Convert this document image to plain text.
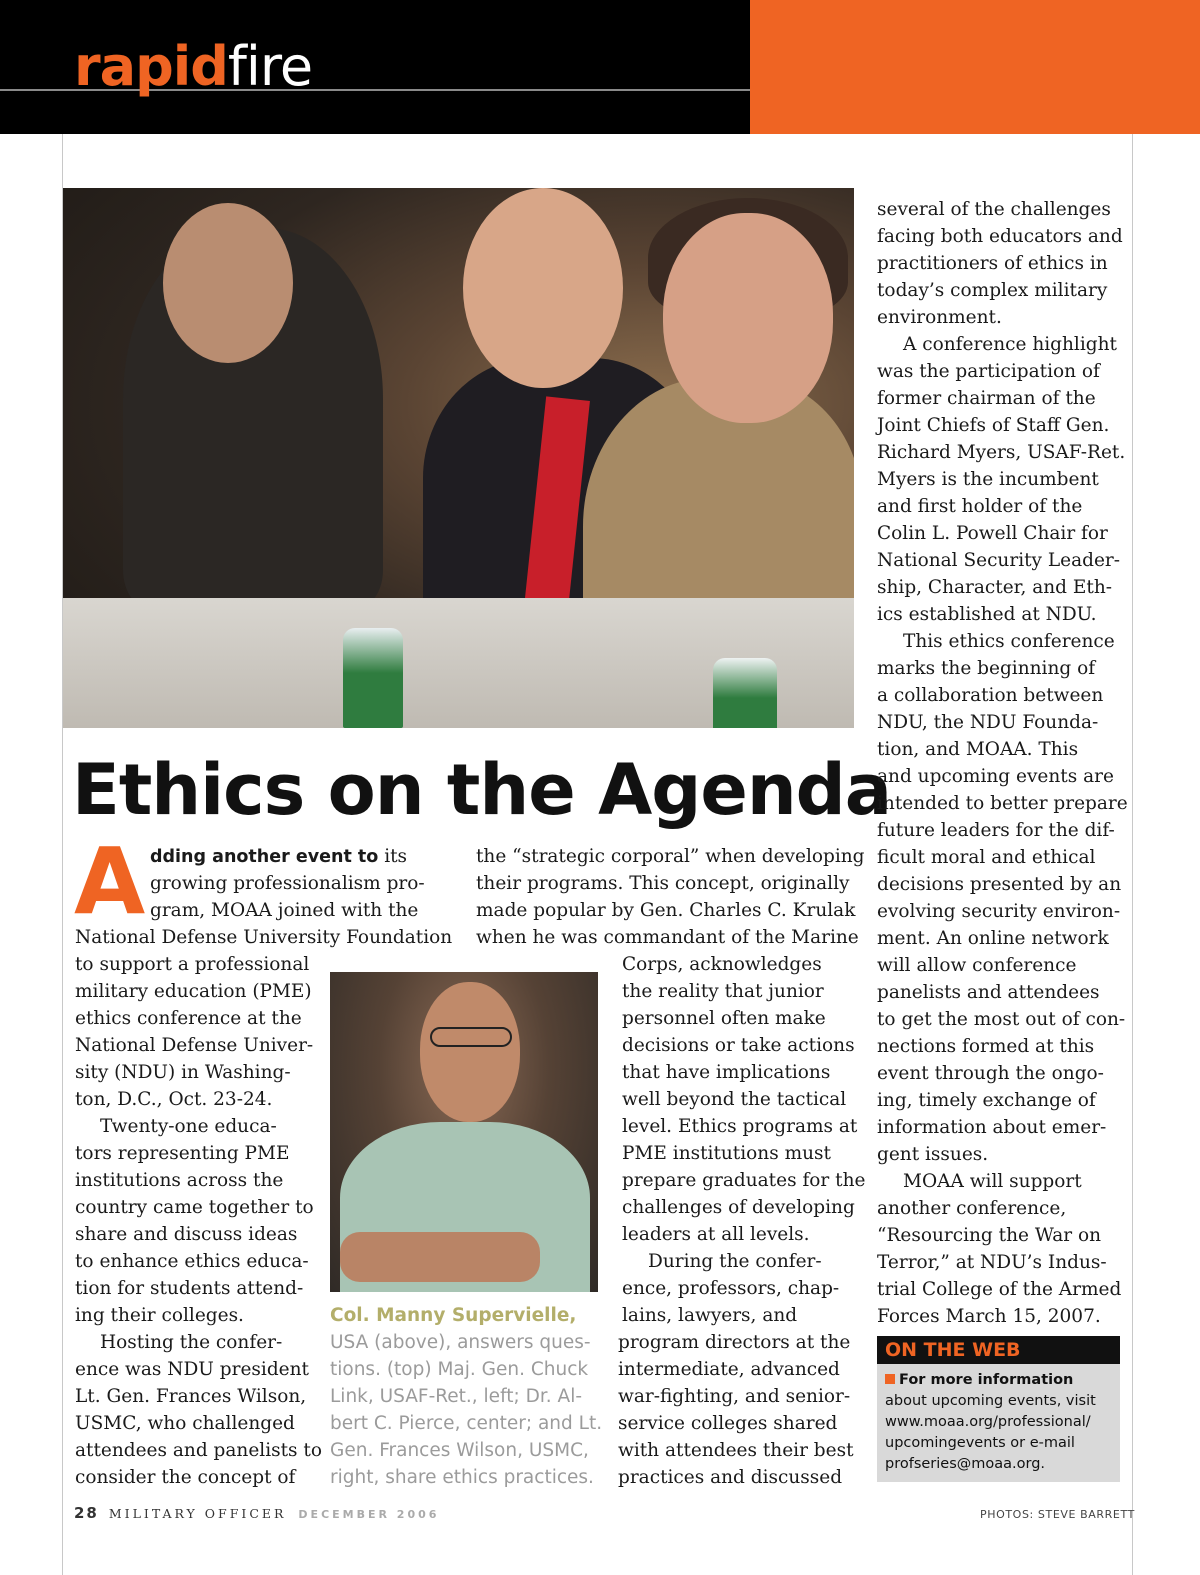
rapidfire
Ethics on the Agenda
A dding another event to its
growing professionalism pro-
gram, MOAA joined with the
National Defense University Foundation
to support a professional
military education (PME)
ethics conference at the
National Defense Univer-
sity (NDU) in Washing-
ton, D.C., Oct. 23-24.
Twenty-one educa-
tors representing PME
institutions across the
country came together to
share and discuss ideas
to enhance ethics educa-
tion for students attend-
ing their colleges.
Hosting the confer-
ence was NDU president
Lt. Gen. Frances Wilson,
USMC, who challenged
attendees and panelists to
consider the concept of
Col. Manny Supervielle,
USA (above), answers ques-
tions. (top) Maj. Gen. Chuck
Link, USAF-Ret., left; Dr. Al-
bert C. Pierce, center; and Lt.
Gen. Frances Wilson, USMC,
right, share ethics practices.
the “strategic corporal” when developing
their programs. This concept, originally
made popular by Gen. Charles C. Krulak
when he was commandant of the Marine
Corps, acknowledges
the reality that junior
personnel often make
decisions or take actions
that have implications
well beyond the tactical
level. Ethics programs at
PME institutions must
prepare graduates for the
challenges of developing
leaders at all levels.
During the confer-
ence, professors, chap-
lains, lawyers, and
program directors at the
intermediate, advanced
war-fighting, and senior-
service colleges shared
with attendees their best
practices and discussed
several of the challenges
facing both educators and
practitioners of ethics in
today’s complex military
environment.
A conference highlight
was the participation of
former chairman of the
Joint Chiefs of Staff Gen.
Richard Myers, USAF-Ret.
Myers is the incumbent
and first holder of the
Colin L. Powell Chair for
National Security Leader-
ship, Character, and Eth-
ics established at NDU.
This ethics conference
marks the beginning of
a collaboration between
NDU, the NDU Founda-
tion, and MOAA. This
and upcoming events are
intended to better prepare
future leaders for the dif-
ficult moral and ethical
decisions presented by an
evolving security environ-
ment. An online network
will allow conference
panelists and attendees
to get the most out of con-
nections formed at this
event through the ongo-
ing, timely exchange of
information about emer-
gent issues.
MOAA will support
another conference,
“Resourcing the War on
Terror,” at NDU’s Indus-
trial College of the Armed
Forces March 15, 2007.
ON THE WEB
For more information
about upcoming events, visit
www.moaa.org/professional/
upcomingevents or e-mail
profseries@moaa.org.
28 MILITARY OFFICER DECEMBER 2006	PHOTOS: STEVE BARRETT
